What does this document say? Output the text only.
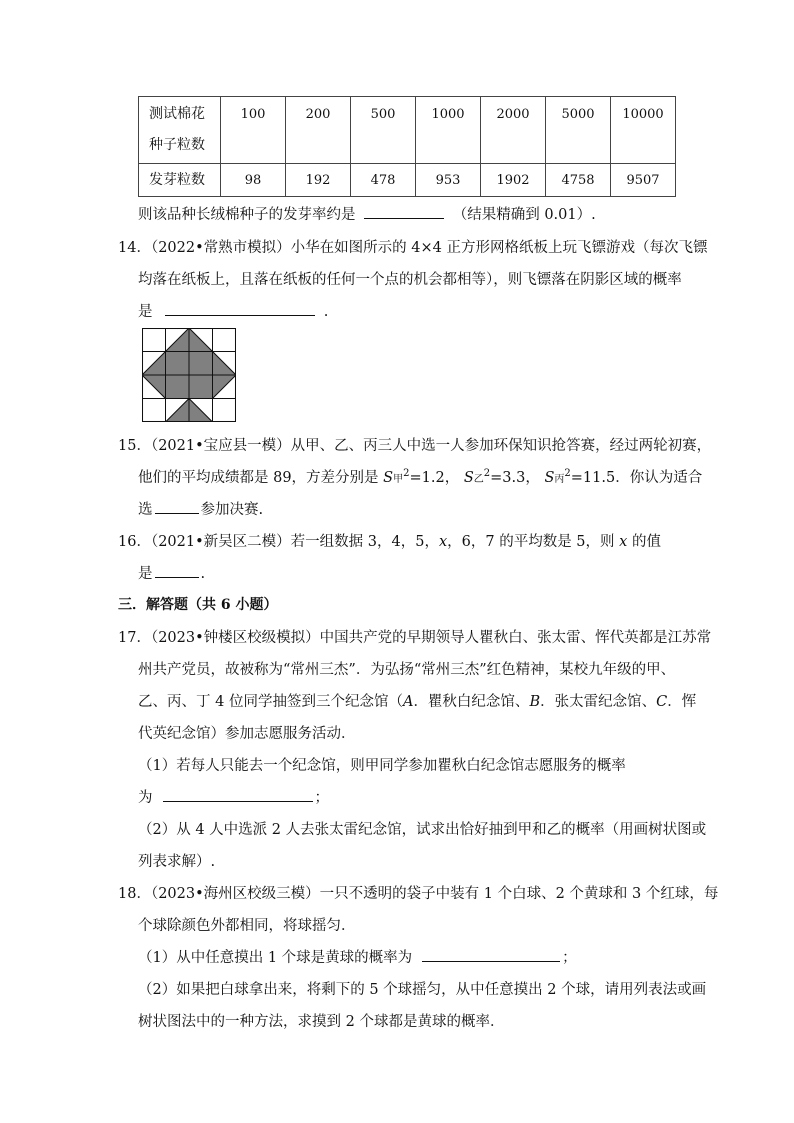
测试棉花
种子粒数	100	200	500	1000	2000	5000	10000
发芽粒数	98	192	478	953	1902	4758	9507
则该品种长绒棉种子的发芽率约是	（结果精确到 0.01）.
14．（2022•常熟市模拟）小华在如图所示的 4×4 正方形网格纸板上玩飞镖游戏（每次飞镖
均落在纸板上，且落在纸板的任何一个点的机会都相等），则飞镖落在阴影区域的概率
是	.
15．（2021•宝应县一模）从甲、乙、丙三人中选一人参加环保知识抢答赛，经过两轮初赛，
他们的平均成绩都是 89，方差分别是 S甲$^2$=1.2， S乙$^2$=3.3， S丙$^2$=11.5．你认为适合
选	参加决赛.
16．（2021•新吴区二模）若一组数据 3，4，5，x，6，7 的平均数是 5，则 x 的值
是	.
三．解答题（共 6 小题）
17．（2023•钟楼区校级模拟）中国共产党的早期领导人瞿秋白、张太雷、恽代英都是江苏常
州共产党员，故被称为“常州三杰”．为弘扬“常州三杰”红色精神，某校九年级的甲、
乙、丙、丁 4 位同学抽签到三个纪念馆（A．瞿秋白纪念馆、B．张太雷纪念馆、C．恽
代英纪念馆）参加志愿服务活动．
（1）若每人只能去一个纪念馆，则甲同学参加瞿秋白纪念馆志愿服务的概率
为	；
（2）从 4 人中选派 2 人去张太雷纪念馆，试求出恰好抽到甲和乙的概率（用画树状图或
列表求解）.
18．（2023•海州区校级三模）一只不透明的袋子中装有 1 个白球、2 个黄球和 3 个红球，每
个球除颜色外都相同，将球摇匀．
（1）从中任意摸出 1 个球是黄球的概率为	；
（2）如果把白球拿出来，将剩下的 5 个球摇匀，从中任意摸出 2 个球，请用列表法或画
树状图法中的一种方法，求摸到 2 个球都是黄球的概率．
